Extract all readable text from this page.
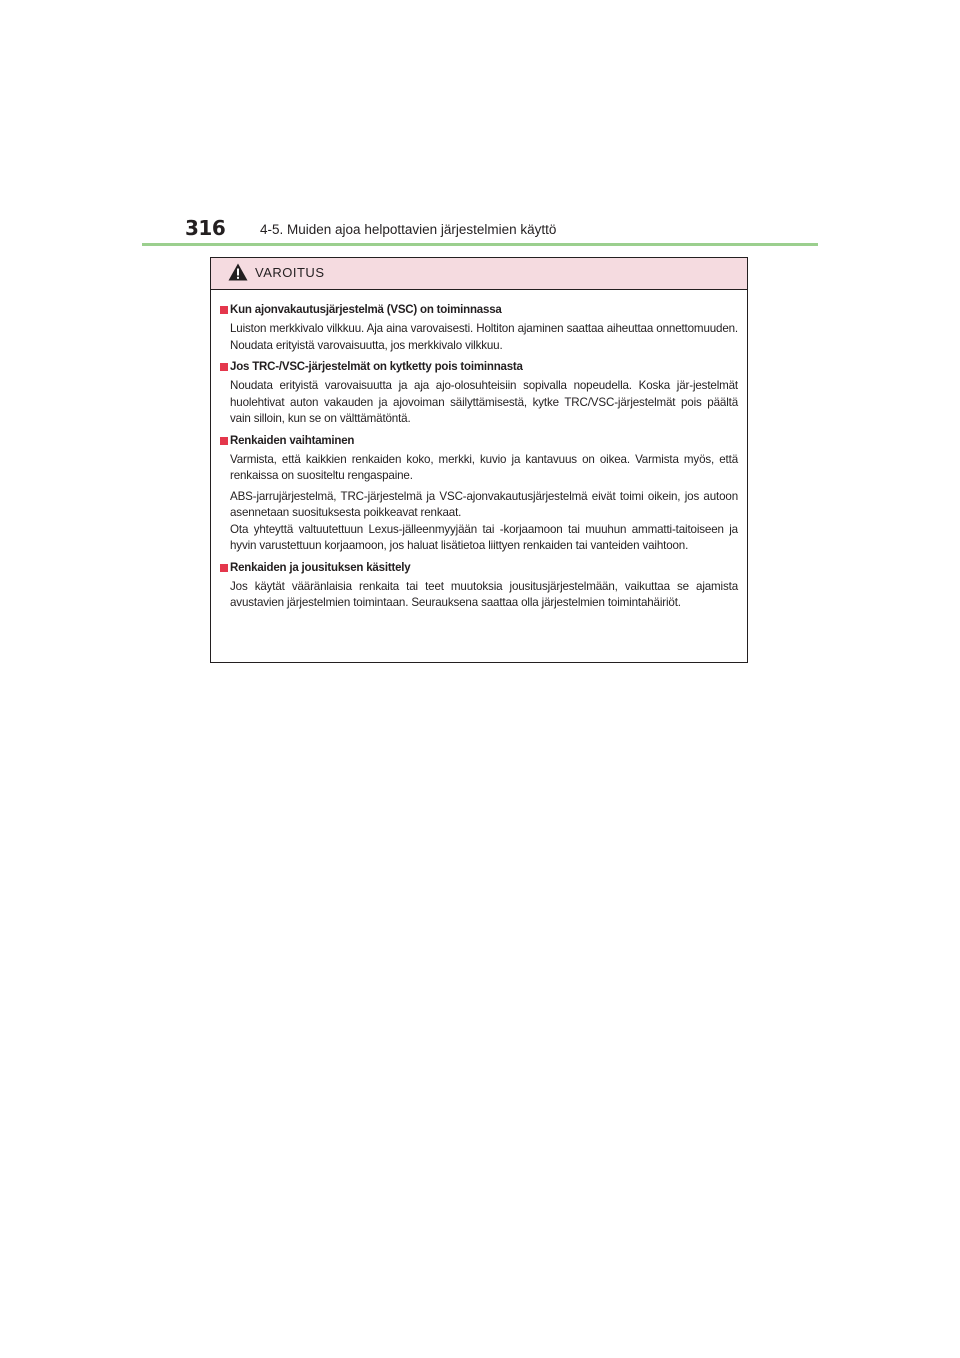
316	4-5. Muiden ajoa helpottavien järjestelmien käyttö
VAROITUS
Kun ajonvakautusjärjestelmä (VSC) on toiminnassa

Luiston merkkivalo vilkkuu. Aja aina varovaisesti. Holtiton ajaminen saattaa aiheuttaa onnettomuuden. Noudata erityistä varovaisuutta, jos merkkivalo vilkkuu.

Jos TRC-/VSC-järjestelmät on kytketty pois toiminnasta

Noudata erityistä varovaisuutta ja aja ajo-olosuhteisiin sopivalla nopeudella. Koska jär-jestelmät huolehtivat auton vakauden ja ajovoiman säilyttämisestä, kytke TRC/VSC-järjestelmät pois päältä vain silloin, kun se on välttämätöntä.

Renkaiden vaihtaminen

Varmista, että kaikkien renkaiden koko, merkki, kuvio ja kantavuus on oikea. Varmista myös, että renkaissa on suositeltu rengaspaine.

ABS-jarrujärjestelmä, TRC-järjestelmä ja VSC-ajonvakautusjärjestelmä eivät toimi oikein, jos autoon asennetaan suosituksesta poikkeavat renkaat.

Ota yhteyttä valtuutettuun Lexus-jälleenmyyjään tai -korjaamoon tai muuhun ammatti-taitoiseen ja hyvin varustettuun korjaamoon, jos haluat lisätietoa liittyen renkaiden tai vanteiden vaihtoon.

Renkaiden ja jousituksen käsittely

Jos käytät vääränlaisia renkaita tai teet muutoksia jousitusjärjestelmään, vaikuttaa se ajamista avustavien järjestelmien toimintaan. Seurauksena saattaa olla järjestelmien toimintahäiriöt.
